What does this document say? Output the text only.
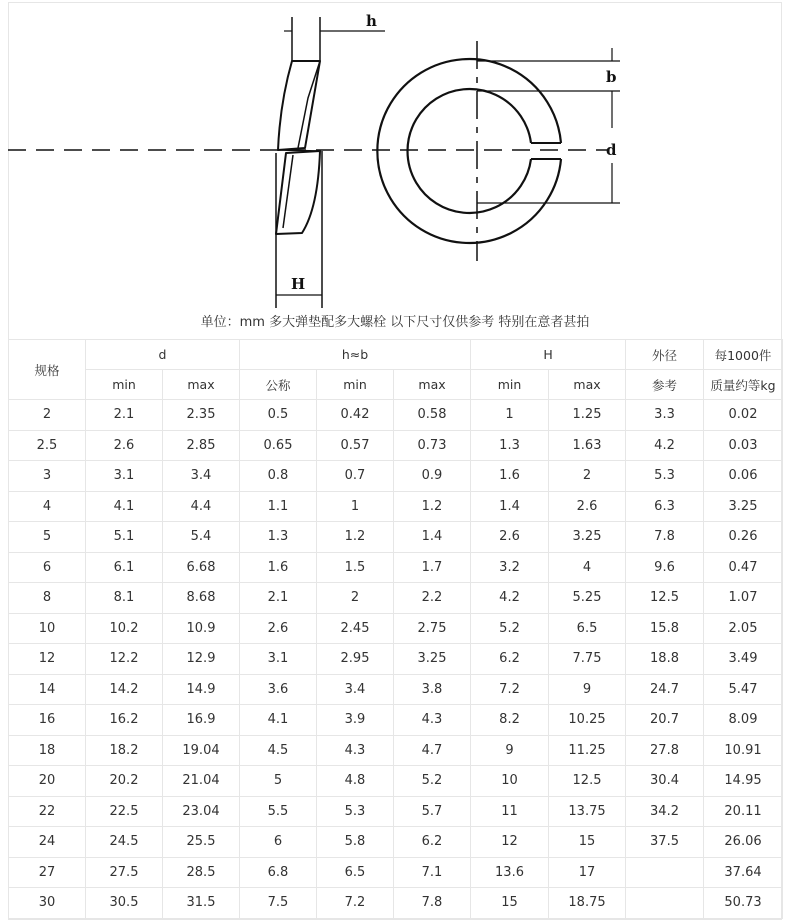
h
H
b
d
单位：mm 多大弹垫配多大螺栓 以下尺寸仅供参考 特别在意者甚拍
规格	d		h≈b			H		外径	每1000件
	min	max	公称	min	max	min	max	参考	质量约等kg
2	2.1	2.35	0.5	0.42	0.58	1	1.25	3.3	0.02
2.5	2.6	2.85	0.65	0.57	0.73	1.3	1.63	4.2	0.03
3	3.1	3.4	0.8	0.7	0.9	1.6	2	5.3	0.06
4	4.1	4.4	1.1	1	1.2	1.4	2.6	6.3	3.25
5	5.1	5.4	1.3	1.2	1.4	2.6	3.25	7.8	0.26
6	6.1	6.68	1.6	1.5	1.7	3.2	4	9.6	0.47
8	8.1	8.68	2.1	2	2.2	4.2	5.25	12.5	1.07
10	10.2	10.9	2.6	2.45	2.75	5.2	6.5	15.8	2.05
12	12.2	12.9	3.1	2.95	3.25	6.2	7.75	18.8	3.49
14	14.2	14.9	3.6	3.4	3.8	7.2	9	24.7	5.47
16	16.2	16.9	4.1	3.9	4.3	8.2	10.25	20.7	8.09
18	18.2	19.04	4.5	4.3	4.7	9	11.25	27.8	10.91
20	20.2	21.04	5	4.8	5.2	10	12.5	30.4	14.95
22	22.5	23.04	5.5	5.3	5.7	11	13.75	34.2	20.11
24	24.5	25.5	6	5.8	6.2	12	15	37.5	26.06
27	27.5	28.5	6.8	6.5	7.1	13.6	17		37.64
30	30.5	31.5	7.5	7.2	7.8	15	18.75		50.73
